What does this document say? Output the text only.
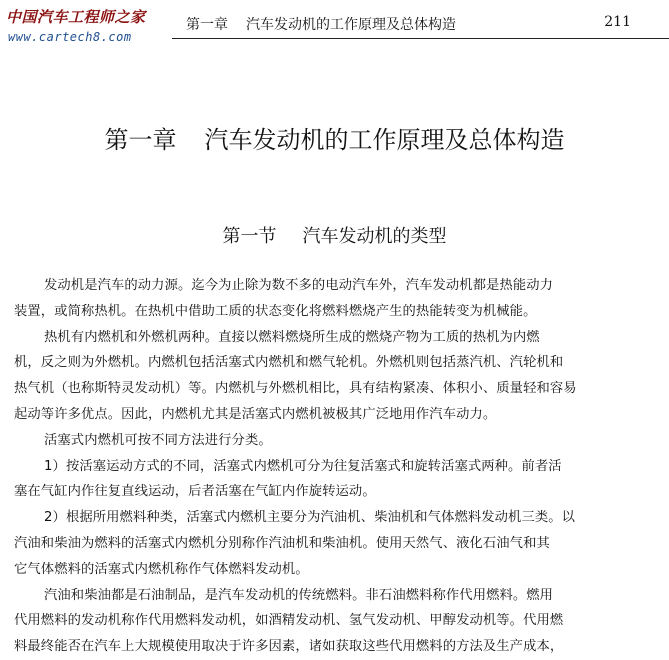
中国汽车工程师之家
www.cartech8.com
第一章 汽车发动机的工作原理及总体构造	211
第一章 汽车发动机的工作原理及总体构造
第一节 汽车发动机的类型
发动机是汽车的动力源。迄今为止除为数不多的电动汽车外，汽车发动机都是热能动力
装置，或简称热机。在热机中借助工质的状态变化将燃料燃烧产生的热能转变为机械能。
热机有内燃机和外燃机两种。直接以燃料燃烧所生成的燃烧产物为工质的热机为内燃
机，反之则为外燃机。内燃机包括活塞式内燃机和燃气轮机。外燃机则包括蒸汽机、汽轮机和
热气机（也称斯特灵发动机）等。内燃机与外燃机相比，具有结构紧凑、体积小、质量轻和容易
起动等许多优点。因此，内燃机尤其是活塞式内燃机被极其广泛地用作汽车动力。
活塞式内燃机可按不同方法进行分类。
1）按活塞运动方式的不同，活塞式内燃机可分为往复活塞式和旋转活塞式两种。前者活
塞在气缸内作往复直线运动，后者活塞在气缸内作旋转运动。
2）根据所用燃料种类，活塞式内燃机主要分为汽油机、柴油机和气体燃料发动机三类。以
汽油和柴油为燃料的活塞式内燃机分别称作汽油机和柴油机。使用天然气、液化石油气和其
它气体燃料的活塞式内燃机称作气体燃料发动机。
汽油和柴油都是石油制品，是汽车发动机的传统燃料。非石油燃料称作代用燃料。燃用
代用燃料的发动机称作代用燃料发动机，如酒精发动机、氢气发动机、甲醇发动机等。代用燃
料最终能否在汽车上大规模使用取决于许多因素，诸如获取这些代用燃料的方法及生产成本，
